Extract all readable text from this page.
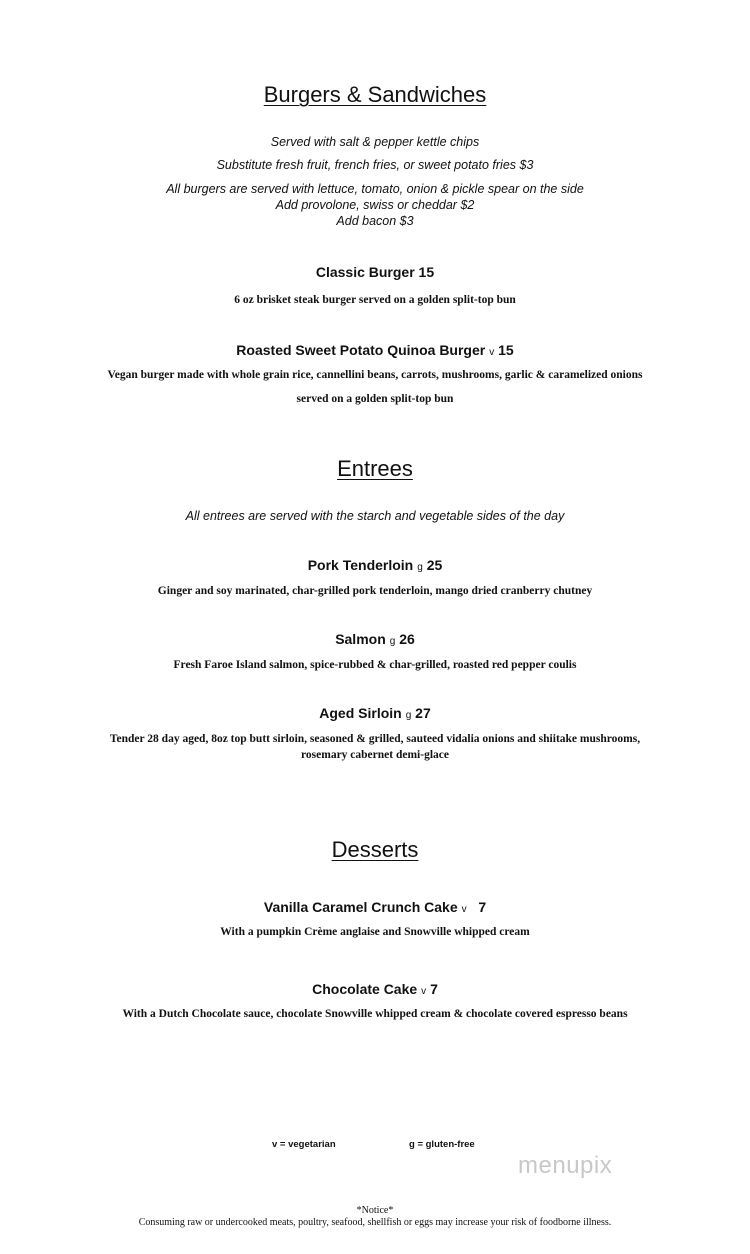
Burgers & Sandwiches
Served with salt & pepper kettle chips
Substitute fresh fruit, french fries, or sweet potato fries $3
All burgers are served with lettuce, tomato, onion & pickle spear on the side
Add provolone, swiss or cheddar $2
Add bacon $3
Classic Burger 15
6 oz brisket steak burger served on a golden split-top bun
Roasted Sweet Potato Quinoa Burger v 15
Vegan burger made with whole grain rice, cannellini beans, carrots, mushrooms, garlic & caramelized onions
served on a golden split-top bun
Entrees
All entrees are served with the starch and vegetable sides of the day
Pork Tenderloin g 25
Ginger and soy marinated, char-grilled pork tenderloin, mango dried cranberry chutney
Salmon g 26
Fresh Faroe Island salmon, spice-rubbed & char-grilled, roasted red pepper coulis
Aged Sirloin g 27
Tender 28 day aged, 8oz top butt sirloin, seasoned & grilled, sauteed vidalia onions and shiitake mushrooms,
rosemary cabernet demi-glace
Desserts
Vanilla Caramel Crunch Cake v 7
With a pumpkin Crème anglaise and Snowville whipped cream
Chocolate Cake v 7
With a Dutch Chocolate sauce, chocolate Snowville whipped cream & chocolate covered espresso beans
v = vegetarian	g = gluten-free
menupix
*Notice*
Consuming raw or undercooked meats, poultry, seafood, shellfish or eggs may increase your risk of foodborne illness.
